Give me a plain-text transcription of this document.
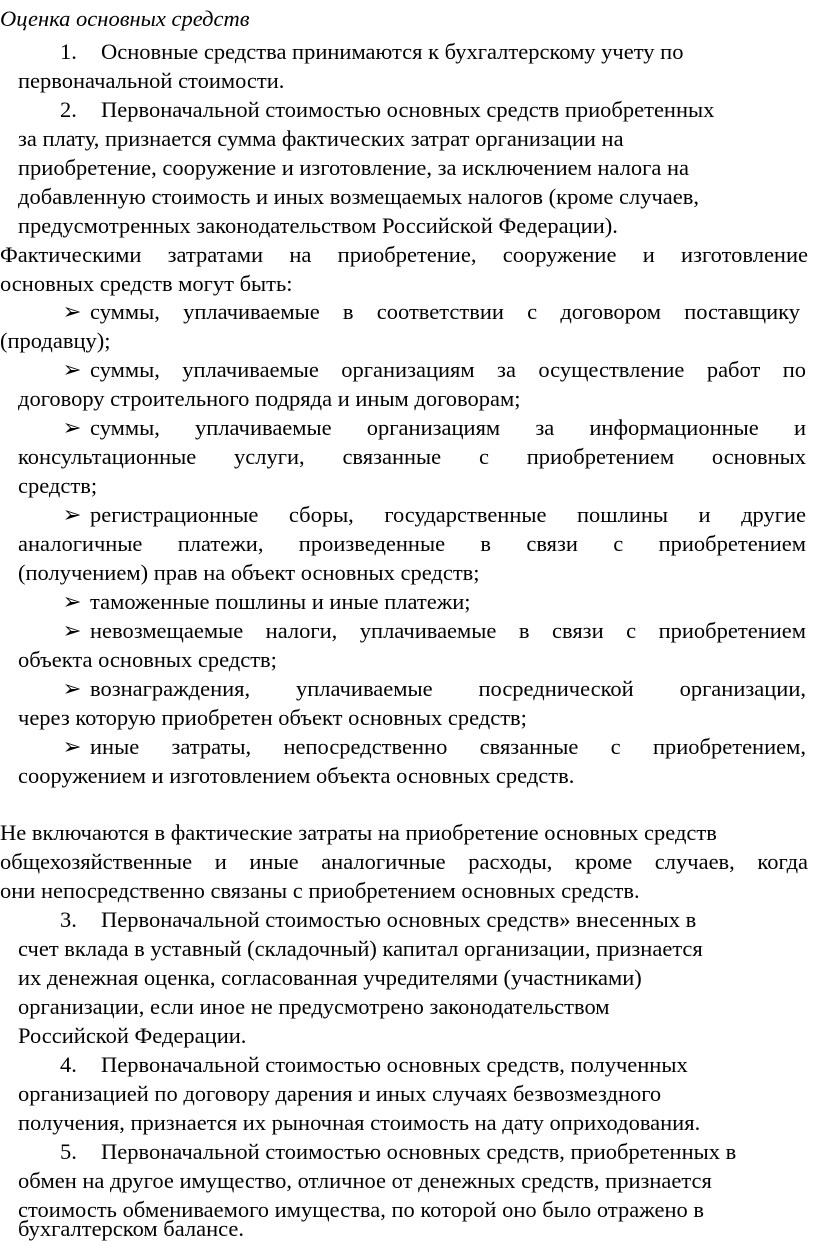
Оценка основных средств
1. Основные средства принимаются к бухгалтерскому учету по
первоначальной стоимости.
2. Первоначальной стоимостью основных средств приобретенных
за плату, признается сумма фактических затрат организации на
приобретение, сооружение и изготовление, за исключением налога на
добавленную стоимость и иных возмещаемых налогов (кроме случаев,
предусмотренных законодательством Российской Федерации).
Фактическими затратами на приобретение, сооружение и изготовление
основных средств могут быть:
➢ суммы, уплачиваемые в соответствии с договором поставщику
(продавцу);
➢ суммы, уплачиваемые организациям за осуществление работ по
договору строительного подряда и иным договорам;
➢ суммы, уплачиваемые организациям за информационные и
консультационные услуги, связанные с приобретением основных
средств;
➢ регистрационные сборы, государственные пошлины и другие
аналогичные платежи, произведенные в связи с приобретением
(получением) прав на объект основных средств;
➢ таможенные пошлины и иные платежи;
➢ невозмещаемые налоги, уплачиваемые в связи с приобретением
объекта основных средств;
➢ вознаграждения, уплачиваемые посреднической организации,
через которую приобретен объект основных средств;
➢ иные затраты, непосредственно связанные с приобретением,
сооружением и изготовлением объекта основных средств.
Не включаются в фактические затраты на приобретение основных средств
общехозяйственные и иные аналогичные расходы, кроме случаев, когда
они непосредственно связаны с приобретением основных средств.
3. Первоначальной стоимостью основных средств» внесенных в
счет вклада в уставный (складочный) капитал организации, признается
их денежная оценка, согласованная учредителями (участниками)
организации, если иное не предусмотрено законодательством
Российской Федерации.
4. Первоначальной стоимостью основных средств, полученных
организацией по договору дарения и иных случаях безвозмездного
получения, признается их рыночная стоимость на дату оприходования.
5. Первоначальной стоимостью основных средств, приобретенных в
обмен на другое имущество, отличное от денежных средств, признается
стоимость обмениваемого имущества, по которой оно было отражено в
бухгалтерском балансе.
